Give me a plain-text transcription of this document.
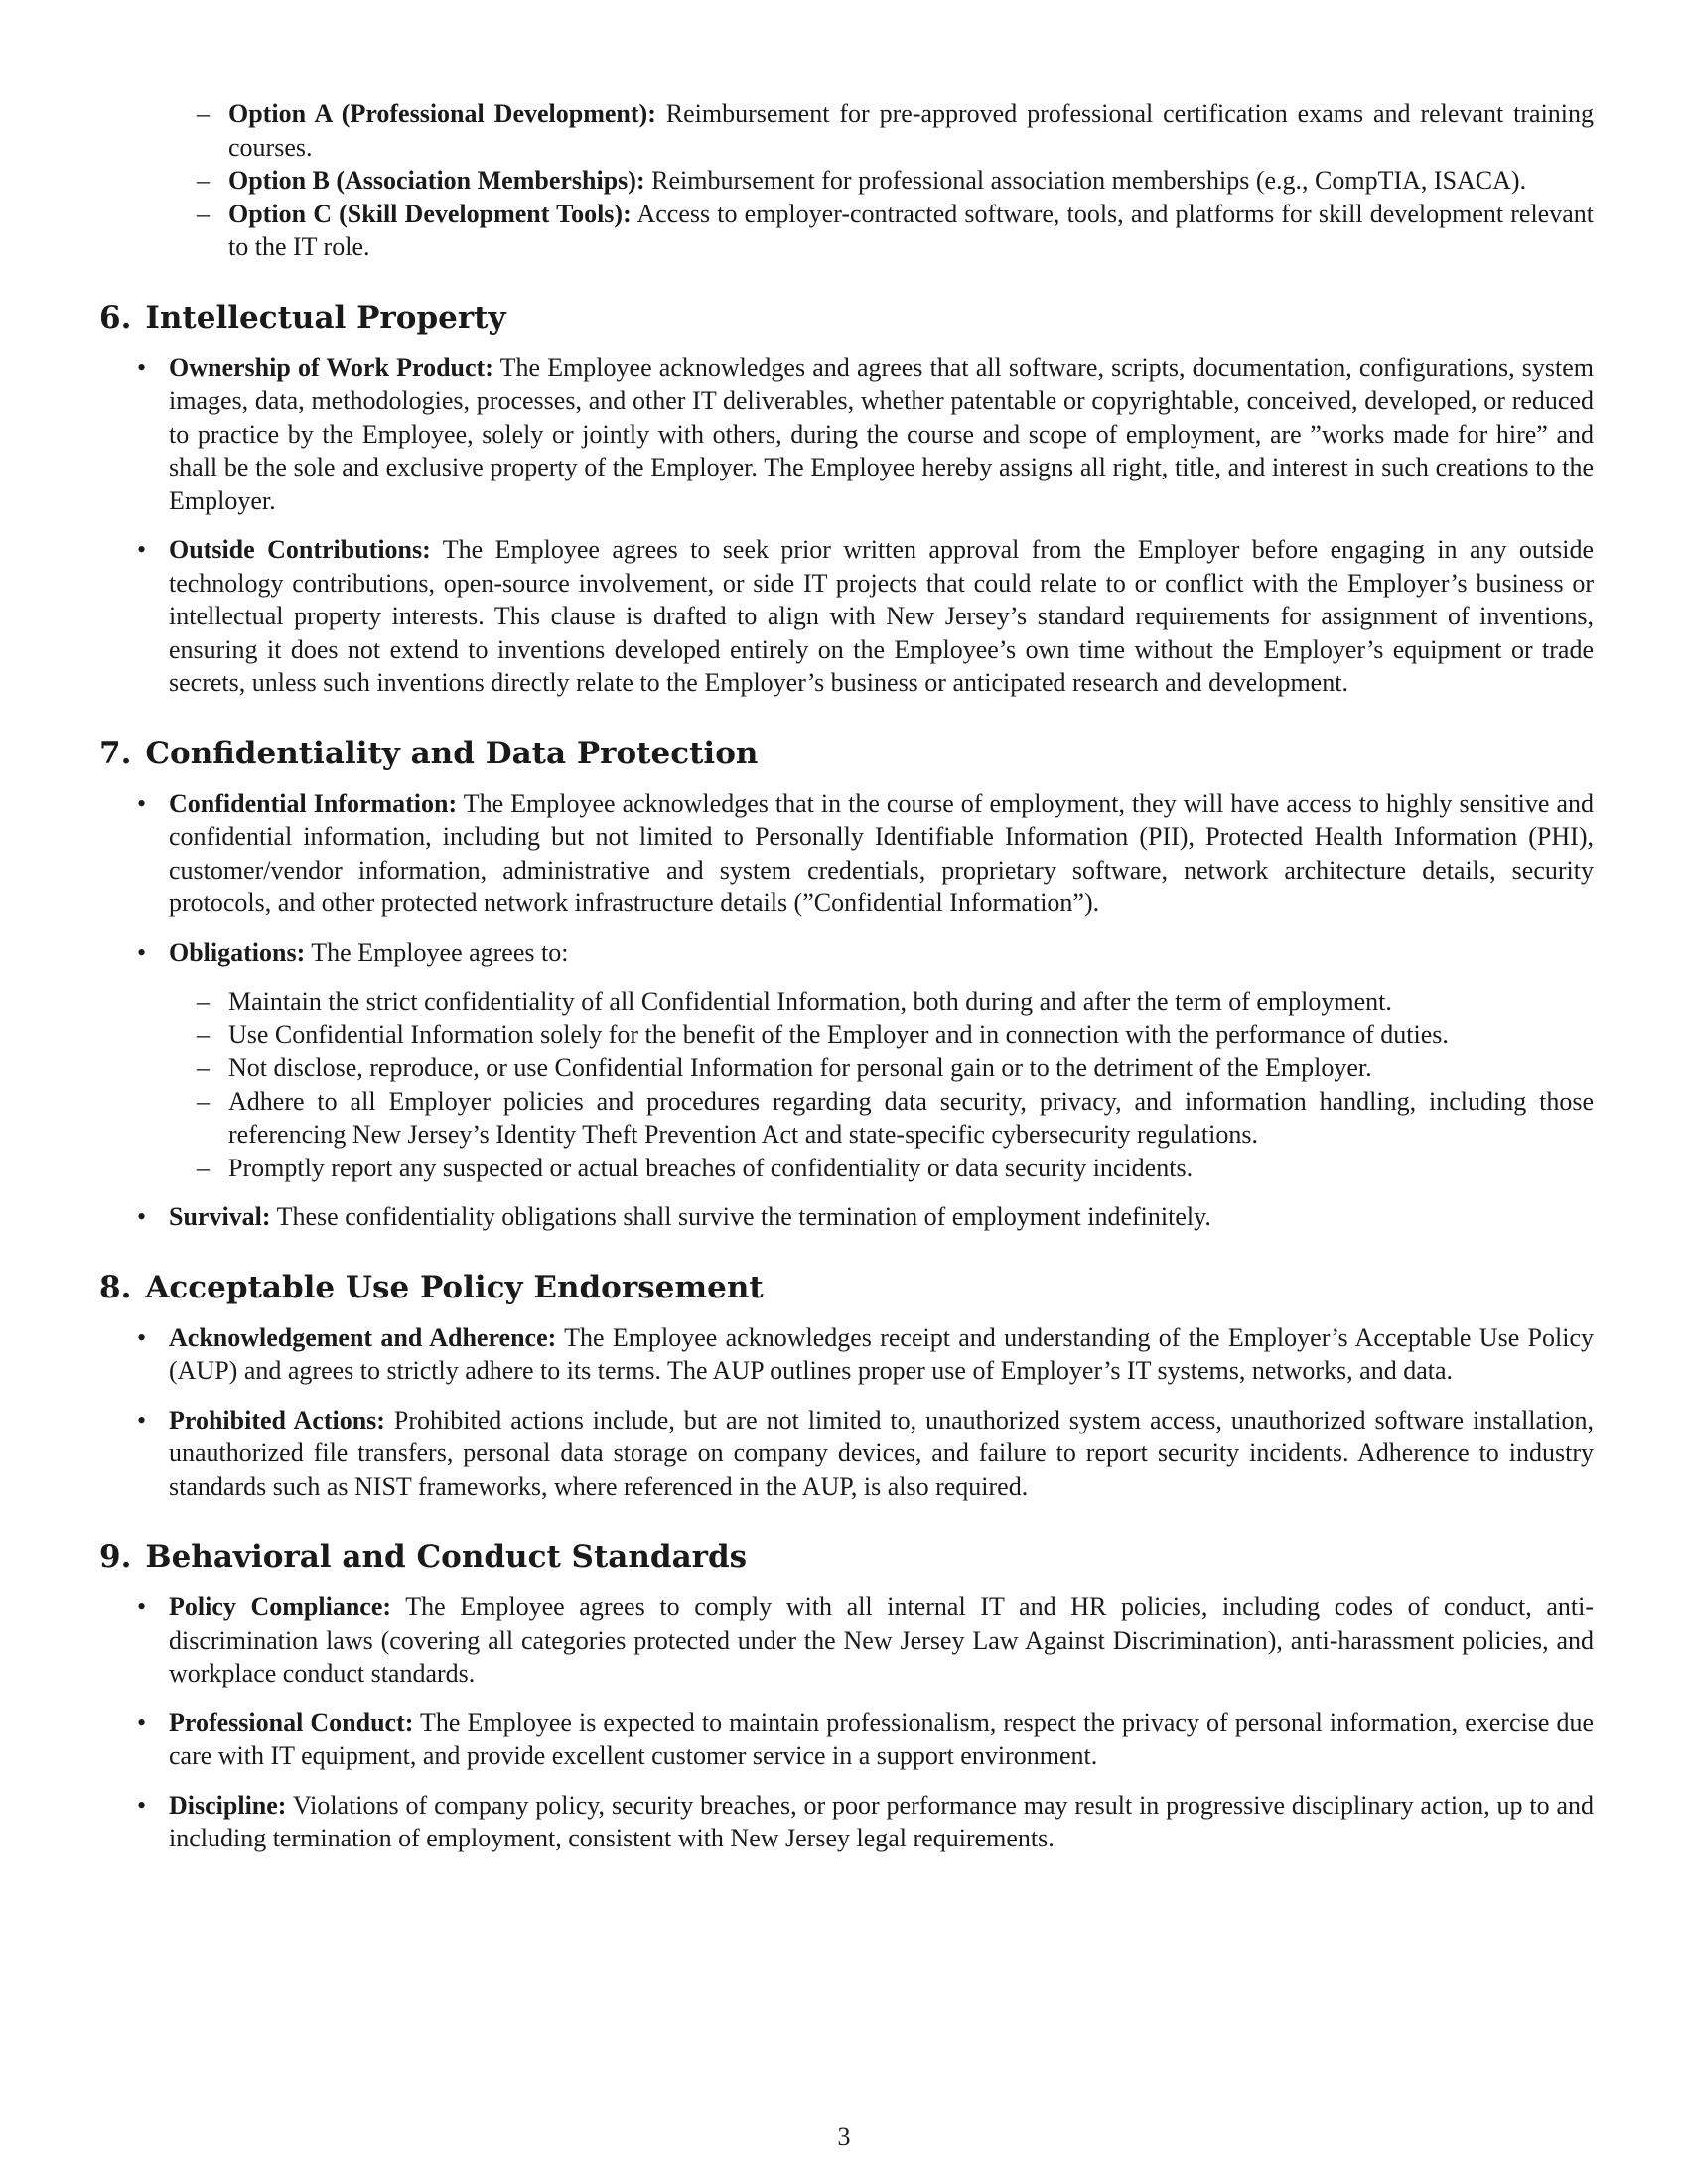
– Option A (Professional Development): Reimbursement for pre-approved professional certification exams and relevant training courses.
– Option B (Association Memberships): Reimbursement for professional association memberships (e.g., CompTIA, ISACA).
– Option C (Skill Development Tools): Access to employer-contracted software, tools, and platforms for skill development relevant to the IT role.
6. Intellectual Property
• Ownership of Work Product: The Employee acknowledges and agrees that all software, scripts, documentation, configurations, system images, data, methodologies, processes, and other IT deliverables, whether patentable or copyrightable, conceived, developed, or reduced to practice by the Employee, solely or jointly with others, during the course and scope of employment, are ”works made for hire” and shall be the sole and exclusive property of the Employer. The Employee hereby assigns all right, title, and interest in such creations to the Employer.
• Outside Contributions: The Employee agrees to seek prior written approval from the Employer before engaging in any outside technology contributions, open-source involvement, or side IT projects that could relate to or conflict with the Employer’s business or intellectual property interests. This clause is drafted to align with New Jersey’s standard requirements for assignment of inventions, ensuring it does not extend to inventions developed entirely on the Employee’s own time without the Employer’s equipment or trade secrets, unless such inventions directly relate to the Employer’s business or anticipated research and development.
7. Confidentiality and Data Protection
• Confidential Information: The Employee acknowledges that in the course of employment, they will have access to highly sensitive and confidential information, including but not limited to Personally Identifiable Information (PII), Protected Health Information (PHI), customer/vendor information, administrative and system credentials, proprietary software, network architecture details, security protocols, and other protected network infrastructure details (”Confidential Information”).
• Obligations: The Employee agrees to:
– Maintain the strict confidentiality of all Confidential Information, both during and after the term of employment.
– Use Confidential Information solely for the benefit of the Employer and in connection with the performance of duties.
– Not disclose, reproduce, or use Confidential Information for personal gain or to the detriment of the Employer.
– Adhere to all Employer policies and procedures regarding data security, privacy, and information handling, including those referencing New Jersey’s Identity Theft Prevention Act and state-specific cybersecurity regulations.
– Promptly report any suspected or actual breaches of confidentiality or data security incidents.
• Survival: These confidentiality obligations shall survive the termination of employment indefinitely.
8. Acceptable Use Policy Endorsement
• Acknowledgement and Adherence: The Employee acknowledges receipt and understanding of the Employer’s Acceptable Use Policy (AUP) and agrees to strictly adhere to its terms. The AUP outlines proper use of Employer’s IT systems, networks, and data.
• Prohibited Actions: Prohibited actions include, but are not limited to, unauthorized system access, unauthorized software installation, unauthorized file transfers, personal data storage on company devices, and failure to report security incidents. Adherence to industry standards such as NIST frameworks, where referenced in the AUP, is also required.
9. Behavioral and Conduct Standards
• Policy Compliance: The Employee agrees to comply with all internal IT and HR policies, including codes of conduct, anti-discrimination laws (covering all categories protected under the New Jersey Law Against Discrimination), anti-harassment policies, and workplace conduct standards.
• Professional Conduct: The Employee is expected to maintain professionalism, respect the privacy of personal information, exercise due care with IT equipment, and provide excellent customer service in a support environment.
• Discipline: Violations of company policy, security breaches, or poor performance may result in progressive disciplinary action, up to and including termination of employment, consistent with New Jersey legal requirements.
3
